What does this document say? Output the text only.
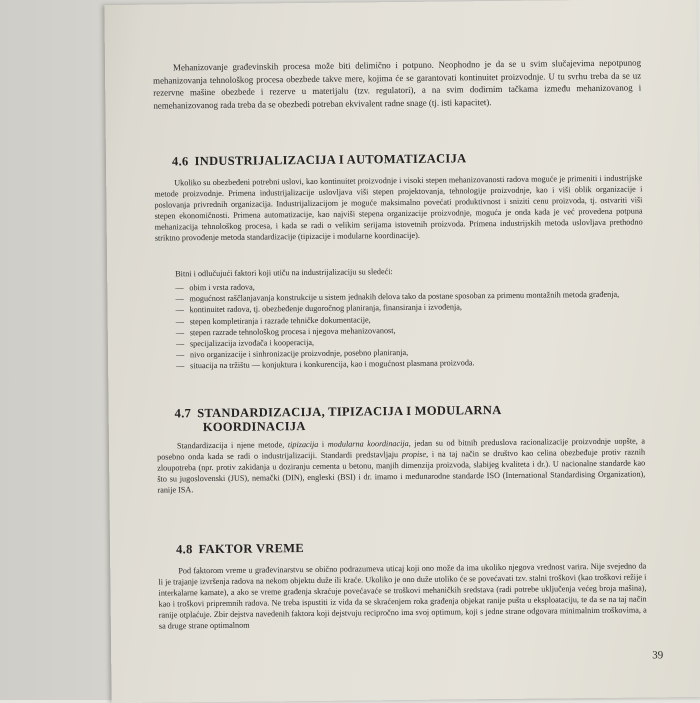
Mehanizovanje građevinskih procesa može biti delimično i potpuno. Neophodno je da se u svim slučajevima nepotpunog mehanizovanja tehnološkog procesa obezbede takve mere, kojima će se garantovati kontinuitet proizvodnje. U tu svrhu treba da se uz rezervne mašine obezbede i rezerve u materijalu (tzv. regulatori), a na svim dodirnim tačkama između mehanizovanog i nemehanizovanog rada treba da se obezbedi potreban ekvivalent radne snage (tj. isti kapacitet).

4.6 INDUSTRIJALIZACIJA I AUTOMATIZACIJA

Ukoliko su obezbeđeni potrebni uslovi, kao kontinuitet proizvodnje i visoki stepen mehanizovanosti radova moguće je primeniti i industrijske metode proizvodnje. Primena industrijalizacije uslovljava viši stepen projektovanja, tehnologije proizvodnje, kao i viši oblik organizacije i poslovanja privrednih organizacija. Industrijalizacijom je moguće maksimalno povećati produktivnost i sniziti cenu proizvoda, tj. ostvariti viši stepen ekonomičnosti. Primena automatizacije, kao najviši stepena organizacije proizvodnje, moguća je onda kada je već provedena potpuna mehanizacija tehnološkog procesa, i kada se radi o velikim serijama istovetnih proizvoda. Primena industrijskih metoda uslovljava prethodno striktno provođenje metoda standardizacije (tipizacije i modularne koordinacije).

Bitni i odlučujući faktori koji utiču na industrijalizaciju su sledeći:

— obim i vrsta radova,
— mogućnost raščlanjavanja konstrukcije u sistem jednakih delova tako da postane sposoban za primenu montažnih metoda građenja,
— kontinuitet radova, tj. obezbeđenje dugoročnog planiranja, finansiranja i izvođenja,
— stepen kompletiranja i razrade tehničke dokumentacije,
— stepen razrade tehnološkog procesa i njegova mehanizovanost,
— specijalizacija izvođača i kooperacija,
— nivo organizacije i sinhronizacije proizvodnje, posebno planiranja,
— situacija na tržištu — konjuktura i konkurencija, kao i mogućnost plasmana proizvoda.
4.7 STANDARDIZACIJA, TIPIZACIJA I MODULARNA
KOORDINACIJA

Standardizacija i njene metode, tipizacija i modularna koordinacija, jedan su od bitnih preduslova racionalizacije proizvodnje uopšte, a posebno onda kada se radi o industrijalizaciji. Standardi predstavljaju propise, i na taj način se društvo kao celina obezbeđuje protiv raznih zloupotreba (npr. protiv zakidanja u doziranju cementa u betonu, manjih dimenzija proizvoda, slabijeg kvaliteta i dr.). U nacionalne standarde kao što su jugoslovenski (JUS), nemački (DIN), engleski (BSI) i dr. imamo i međunarodne standarde ISO (International Standardising Organization), ranije ISA.

4.8 FAKTOR VREME

Pod faktorom vreme u građevinarstvu se obično podrazumeva uticaj koji ono može da ima ukoliko njegova vrednost varira. Nije svejedno da li je trajanje izvršenja radova na nekom objektu duže ili kraće. Ukoliko je ono duže utoliko će se povećavati tzv. stalni troškovi (kao troškovi režije i interkalarne kamate), a ako se vreme građenja skraćuje povećavaće se troškovi mehaničkih sredstava (radi potrebe uključenja većeg broja mašina), kao i troškovi pripremnih radova. Ne treba ispustiti iz vida da se skraćenjem roka građenja objekat ranije pušta u eksploataciju, te da se na taj način ranije otplaćuje. Zbir dejstva navedenih faktora koji dejstvuju recipročno ima svoj optimum, koji s jedne strane odgovara minimalnim troškovima, a sa druge strane optimalnom

39
